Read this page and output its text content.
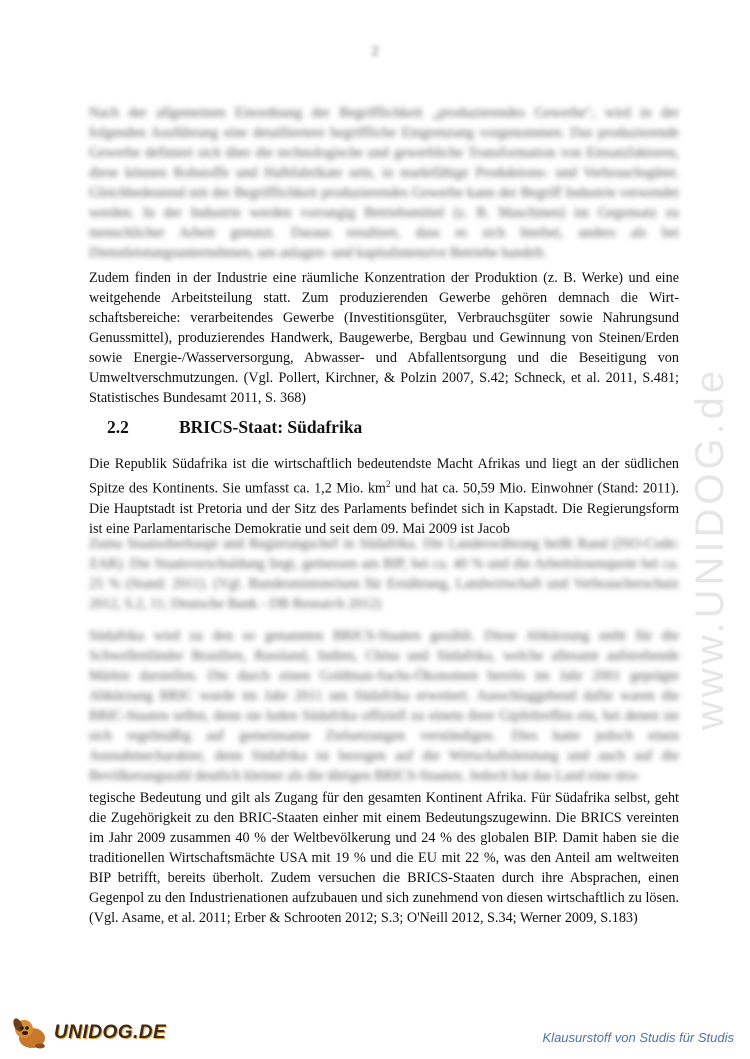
2
www.UNIDOG.de
Nach der allgemeinen Einordnung der Begrifflichkeit „produzierendes Gewerbe", wird in der folgenden Ausführung eine detailliertere begriffliche Eingrenzung vorgenommen. Das produzierende Gewerbe definiert sich über die technologische und gewerbliche Transformation von Einsatzfaktoren, diese können Rohstoffe und Halbfabrikate sein, in marktfähige Produktions- und Verbrauchsgüter. Gleichbedeutend mit der Begrifflichkeit produzierendes Gewerbe kann der Begriff Industrie verwendet werden. In der Industrie werden vorrangig Betriebsmittel (z. B. Maschinen) im Gegensatz zu menschlicher Arbeit genutzt. Daraus resultiert, dass es sich hierbei, anders als bei Dienstleistungsunternehmen, um anlagen- und kapitalintensive Betriebe handelt.
Zudem finden in der Industrie eine räumliche Konzentration der Produktion (z. B. Werke) und eine weitgehende Arbeitsteilung statt. Zum produzierenden Gewerbe gehören demnach die Wirtschaftsbereiche: verarbeitendes Gewerbe (Investitionsgüter, Verbrauchsgüter sowie Nahrungsund Genussmittel), produzierendes Handwerk, Baugewerbe, Bergbau und Gewinnung von Steinen/Erden sowie Energie-/Wasserversorgung, Abwasser- und Abfallentsorgung und die Beseitigung von Umweltverschmutzungen. (Vgl. Pollert, Kirchner, & Polzin 2007, S.42; Schneck, et al. 2011, S.481; Statistisches Bundesamt 2011, S. 368)
2.2	BRICS-Staat: Südafrika
Die Republik Südafrika ist die wirtschaftlich bedeutendste Macht Afrikas und liegt an der südlichen Spitze des Kontinents. Sie umfasst ca. 1,2 Mio. $km^2$ und hat ca. 50,59 Mio. Einwohner (Stand: 2011). Die Hauptstadt ist Pretoria und der Sitz des Parlaments befindet sich in Kapstadt. Die Regierungsform ist eine Parlamentarische Demokratie und seit dem 09. Mai 2009 ist Jacob
Zuma Staatsoberhaupt und Regierungschef in Südafrika. Die Landeswährung heißt Rand (ISO-Code: ZAR). Die Staatsverschuldung liegt, gemessen am BIP, bei ca. 40 % und die Arbeitslosenquote bei ca. 25 % (Stand: 2011). (Vgl. Bundesministerium für Ernährung, Landwirtschaft und Verbraucherschutz 2012, S.2, 11; Deutsche Bank - DB Research 2012)
Südafrika wird zu den so genannten BRICS-Staaten gezählt. Diese Abkürzung steht für die Schwellenländer Brasilien, Russland, Indien, China und Südafrika, welche allesamt aufstrebende Märkte darstellen. Die durch einen Goldman-Sachs-Ökonomen bereits im Jahr 2001 geprägte Abkürzung BRIC wurde im Jahr 2011 um Südafrika erweitert. Ausschlaggebend dafür waren die BRIC-Staaten selbst, denn sie luden Südafrika offiziell zu einem ihrer Gipfeltreffen ein, bei denen sie sich regelmäßig auf gemeinsame Zielsetzungen verständigen. Dies hatte jedoch einen Ausnahmecharakter, denn Südafrika ist bezogen auf die Wirtschaftsleistung und auch auf die Bevölkerungszahl deutlich kleiner als die übrigen BRICS-Staaten. Jedoch hat das Land eine stra-
tegische Bedeutung und gilt als Zugang für den gesamten Kontinent Afrika. Für Südafrika selbst, geht die Zugehörigkeit zu den BRIC-Staaten einher mit einem Bedeutungszugewinn. Die BRICS vereinten im Jahr 2009 zusammen 40 % der Weltbevölkerung und 24 % des globalen BIP. Damit haben sie die traditionellen Wirtschaftsmächte USA mit 19 % und die EU mit 22 %, was den Anteil am weltweiten BIP betrifft, bereits überholt. Zudem versuchen die BRICS-Staaten durch ihre Absprachen, einen Gegenpol zu den Industrienationen aufzubauen und sich zunehmend von diesen wirtschaftlich zu lösen. (Vgl. Asame, et al. 2011; Erber & Schrooten 2012; S.3; O'Neill 2012, S.34; Werner 2009, S.183)
UNIDOG.DE	Klausurstoff von Studis für Studis
